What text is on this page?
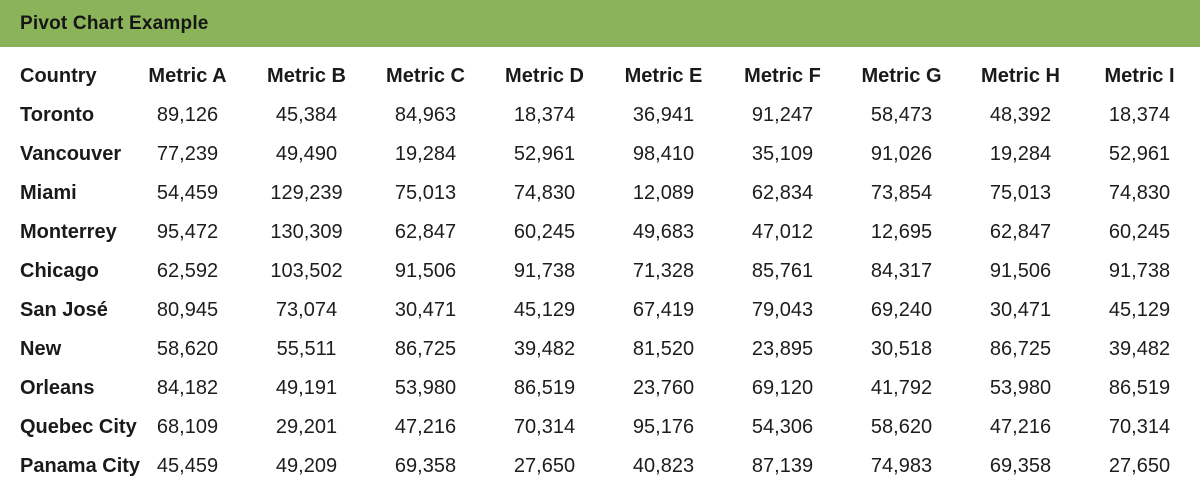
Pivot Chart Example
Country	Metric A	Metric B	Metric C	Metric D	Metric E	Metric F	Metric G	Metric H	Metric I
Toronto	89,126	45,384	84,963	18,374	36,941	91,247	58,473	48,392	18,374
Vancouver	77,239	49,490	19,284	52,961	98,410	35,109	91,026	19,284	52,961
Miami	54,459	129,239	75,013	74,830	12,089	62,834	73,854	75,013	74,830
Monterrey	95,472	130,309	62,847	60,245	49,683	47,012	12,695	62,847	60,245
Chicago	62,592	103,502	91,506	91,738	71,328	85,761	84,317	91,506	91,738
San José	80,945	73,074	30,471	45,129	67,419	79,043	69,240	30,471	45,129
New	58,620	55,511	86,725	39,482	81,520	23,895	30,518	86,725	39,482
Orleans	84,182	49,191	53,980	86,519	23,760	69,120	41,792	53,980	86,519
Quebec City	68,109	29,201	47,216	70,314	95,176	54,306	58,620	47,216	70,314
Panama City	45,459	49,209	69,358	27,650	40,823	87,139	74,983	69,358	27,650
